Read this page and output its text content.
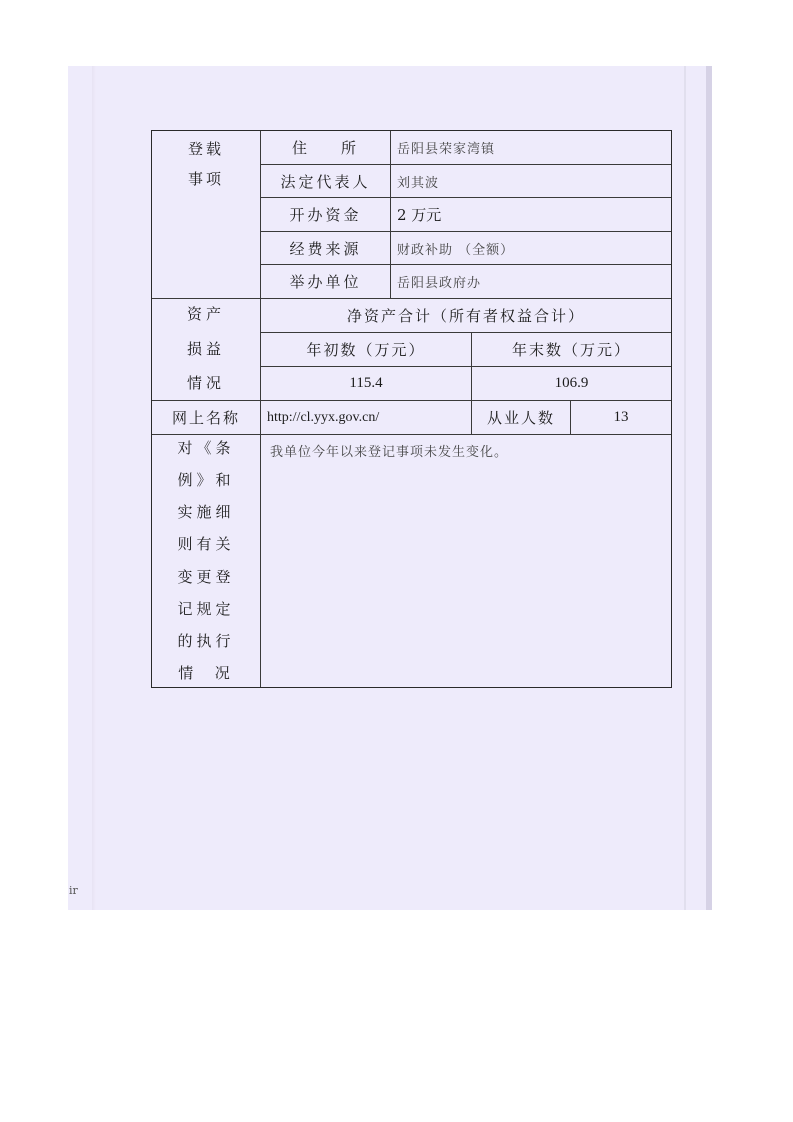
ir
登载
事项
住    所	岳阳县荣家湾镇
法定代表人	刘其波
开办资金	2 万元
经费来源	财政补助 （全额）
举办单位	岳阳县政府办
资产
损益
情况
净资产合计（所有者权益合计）
年初数（万元）	年末数（万元）
115.4	106.9
网上名称	http://cl.yyx.gov.cn/	从业人数	13
对《条
例》和
实施细
则有关
变更登
记规定
的执行
情  况
我单位今年以来登记事项未发生变化。
